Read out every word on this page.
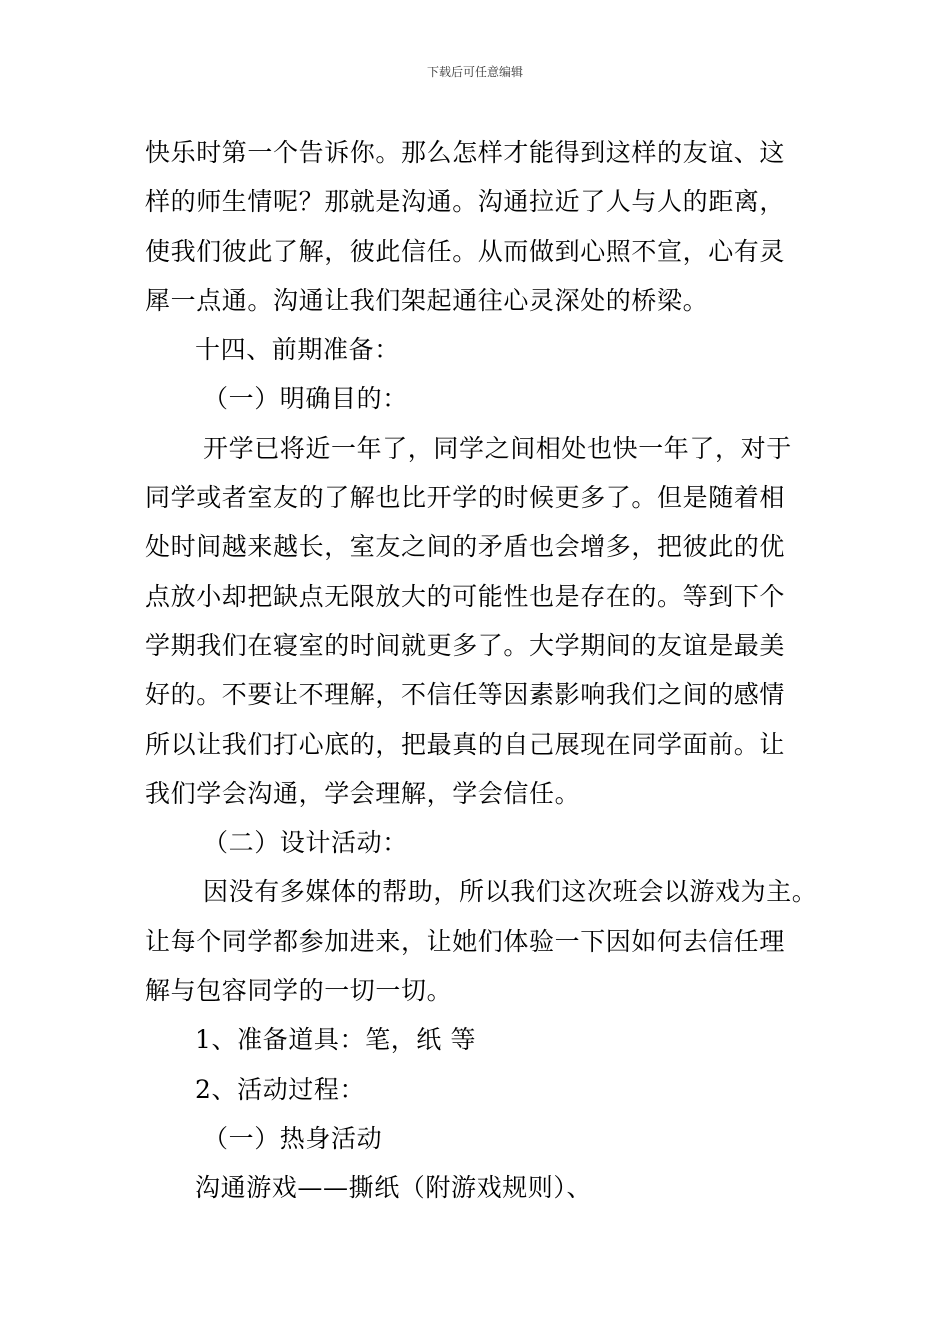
下载后可任意编辑
快乐时第一个告诉你。那么怎样才能得到这样的友谊、这
样的师生情呢？那就是沟通。沟通拉近了人与人的距离，
使我们彼此了解，彼此信任。从而做到心照不宣，心有灵
犀一点通。沟通让我们架起通往心灵深处的桥梁。
十四、前期准备：
（一）明确目的：
开学已将近一年了，同学之间相处也快一年了，对于
同学或者室友的了解也比开学的时候更多了。但是随着相
处时间越来越长，室友之间的矛盾也会增多，把彼此的优
点放小却把缺点无限放大的可能性也是存在的。等到下个
学期我们在寝室的时间就更多了。大学期间的友谊是最美
好的。不要让不理解，不信任等因素影响我们之间的感情
所以让我们打心底的，把最真的自己展现在同学面前。让
我们学会沟通，学会理解，学会信任。
（二）设计活动：
因没有多媒体的帮助，所以我们这次班会以游戏为主。
让每个同学都参加进来，让她们体验一下因如何去信任理
解与包容同学的一切一切。
1、准备道具：笔，纸 等
2、活动过程：
（一）热身活动
沟通游戏——撕纸（附游戏规则）、
